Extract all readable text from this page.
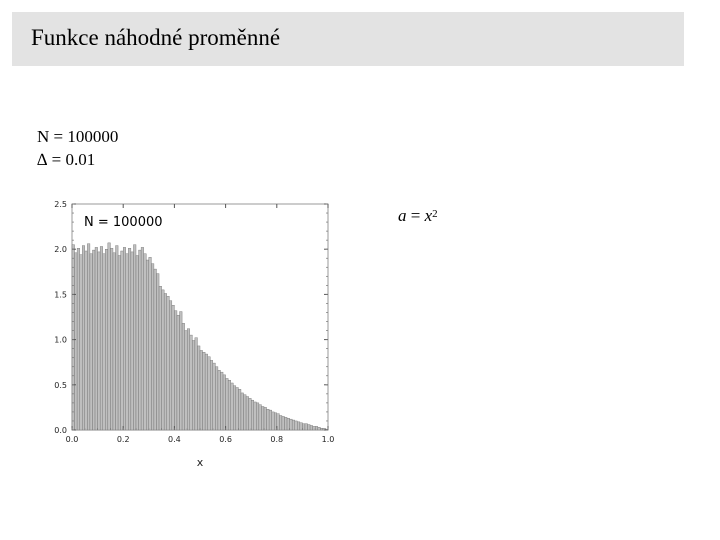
Funkce náhodné proměnné
N = 100000
∆ = 0.01
$a = x^2$
0.0	0.2	0.4	0.6	0.8	1.0
0.0
0.5
1.0
1.5
2.0
2.5
N = 100000
x
